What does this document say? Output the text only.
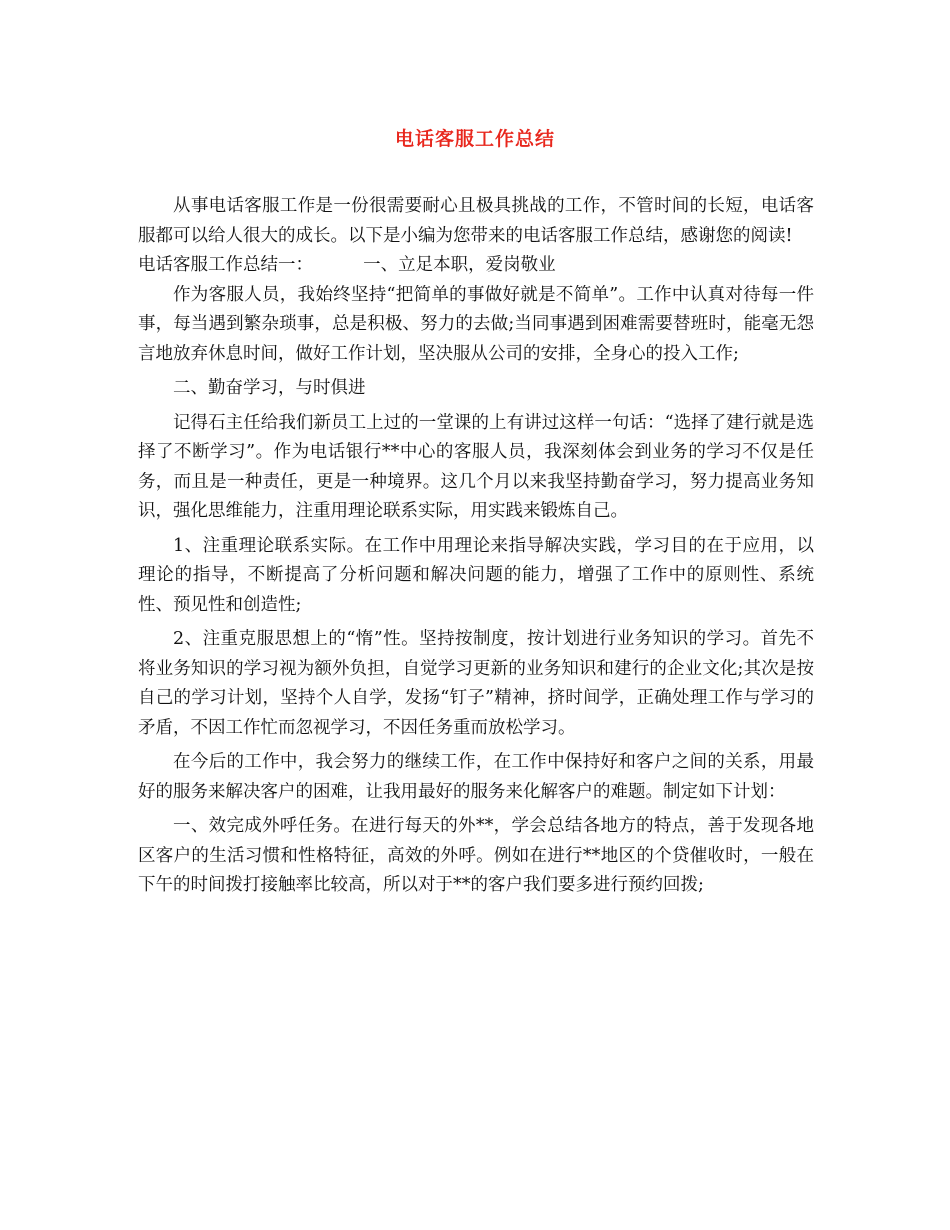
电话客服工作总结

从事电话客服工作是一份很需要耐心且极具挑战的工作，不管时间的长短，电话客服都可以给人很大的成长。以下是小编为您带来的电话客服工作总结，感谢您的阅读!

电话客服工作总结一：         一、立足本职，爱岗敬业

作为客服人员，我始终坚持“把简单的事做好就是不简单”。工作中认真对待每一件事，每当遇到繁杂琐事，总是积极、努力的去做;当同事遇到困难需要替班时，能毫无怨言地放弃休息时间，做好工作计划，坚决服从公司的安排，全身心的投入工作;

二、勤奋学习，与时俱进

记得石主任给我们新员工上过的一堂课的上有讲过这样一句话：“选择了建行就是选择了不断学习”。作为电话银行**中心的客服人员，我深刻体会到业务的学习不仅是任务，而且是一种责任，更是一种境界。这几个月以来我坚持勤奋学习，努力提高业务知识，强化思维能力，注重用理论联系实际，用实践来锻炼自己。

1、注重理论联系实际。在工作中用理论来指导解决实践，学习目的在于应用，以理论的指导，不断提高了分析问题和解决问题的能力，增强了工作中的原则性、系统性、预见性和创造性;

2、注重克服思想上的“惰”性。坚持按制度，按计划进行业务知识的学习。首先不将业务知识的学习视为额外负担，自觉学习更新的业务知识和建行的企业文化;其次是按自己的学习计划，坚持个人自学，发扬“钉子”精神，挤时间学，正确处理工作与学习的矛盾，不因工作忙而忽视学习，不因任务重而放松学习。

在今后的工作中，我会努力的继续工作，在工作中保持好和客户之间的关系，用最好的服务来解决客户的困难，让我用最好的服务来化解客户的难题。制定如下计划：

一、效完成外呼任务。在进行每天的外**，学会总结各地方的特点，善于发现各地区客户的生活习惯和性格特征，高效的外呼。例如在进行**地区的个贷催收时，一般在下午的时间拨打接触率比较高，所以对于**的客户我们要多进行预约回拨;
